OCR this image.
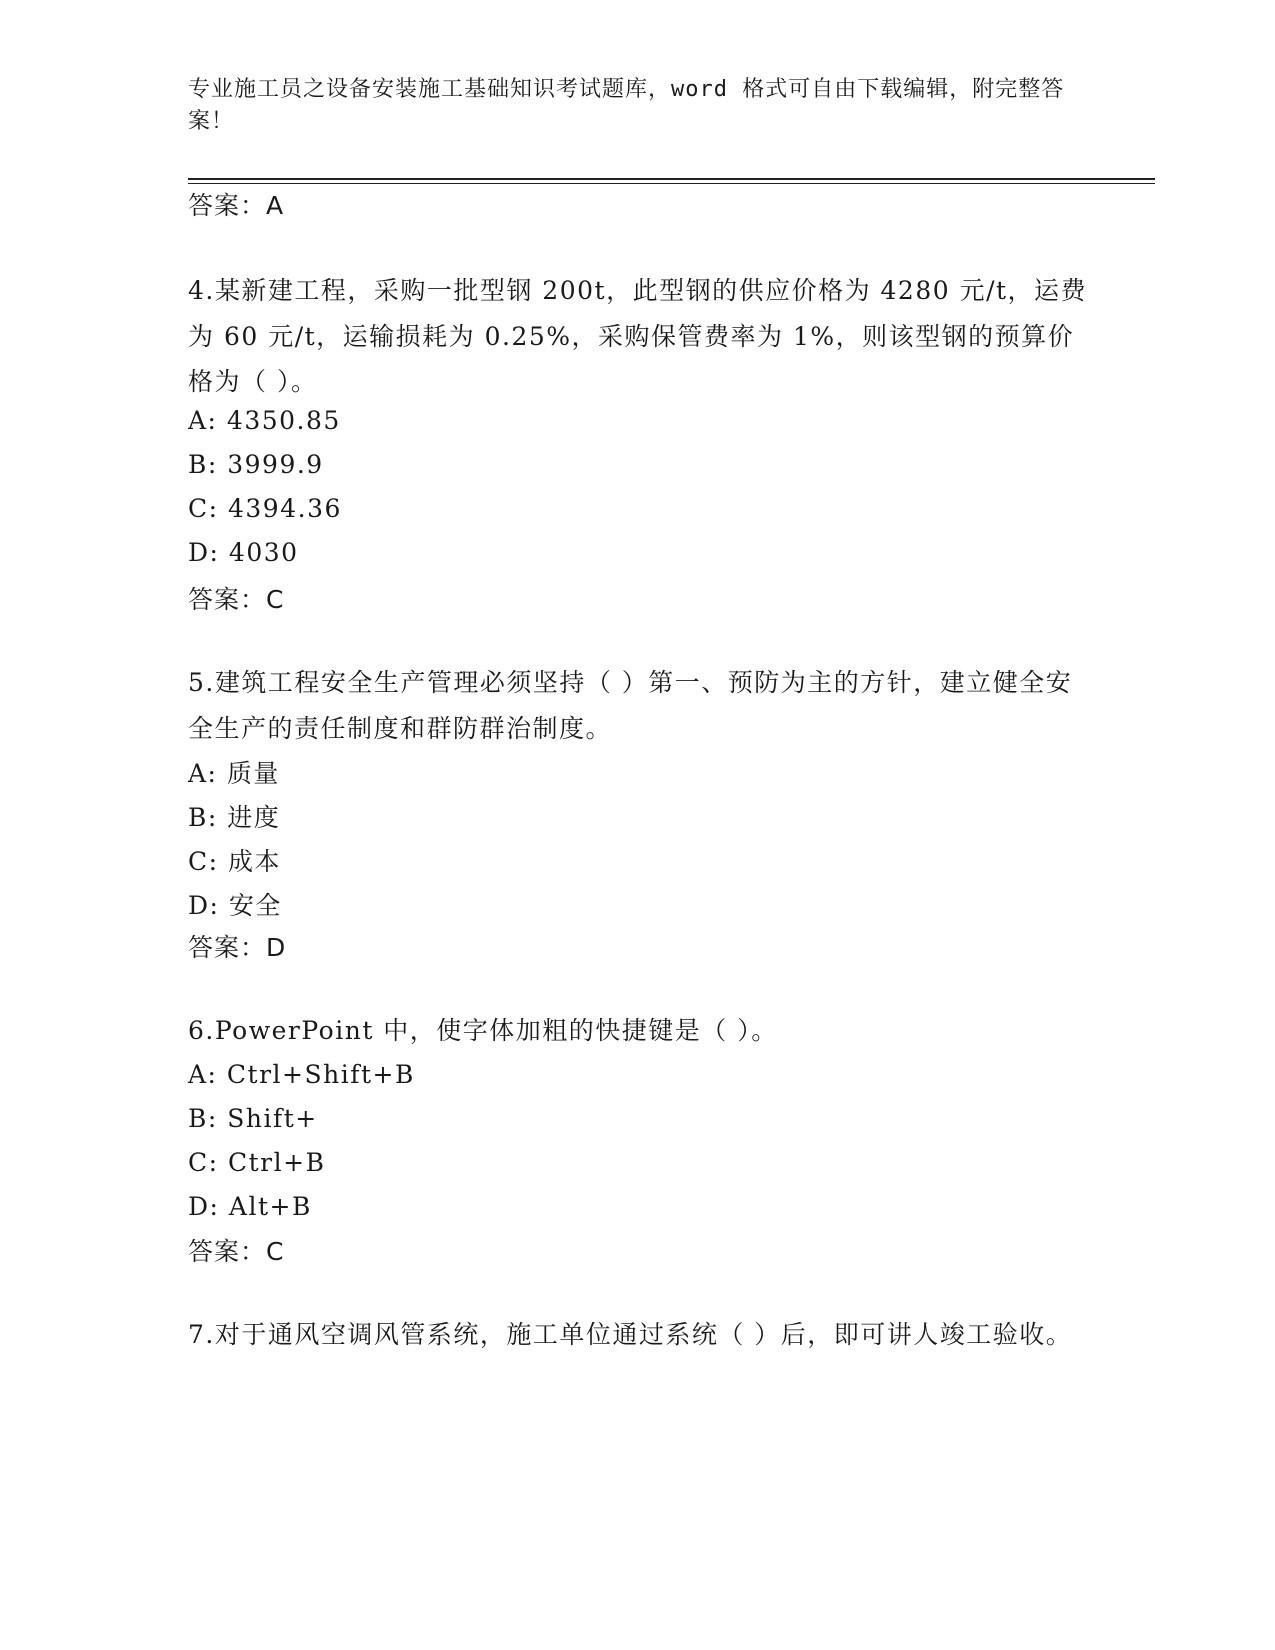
专业施工员之设备安装施工基础知识考试题库，word 格式可自由下载编辑，附完整答案！

答案：A

4.某新建工程，采购一批型钢 200t，此型钢的供应价格为 4280 元/t，运费为 60 元/t，运输损耗为 0.25%，采购保管费率为 1%，则该型钢的预算价格为（ ）。

A: 4350.85

B: 3999.9

C: 4394.36

D: 4030

答案：C

5.建筑工程安全生产管理必须坚持（ ）第一、预防为主的方针，建立健全安全生产的责任制度和群防群治制度。

A: 质量

B: 进度

C: 成本

D: 安全

答案：D

6.PowerPoint 中，使字体加粗的快捷键是（ ）。

A: Ctrl+Shift+B

B: Shift+

C: Ctrl+B

D: Alt+B

答案：C

7.对于通风空调风管系统，施工单位通过系统（ ）后，即可讲人竣工验收。
